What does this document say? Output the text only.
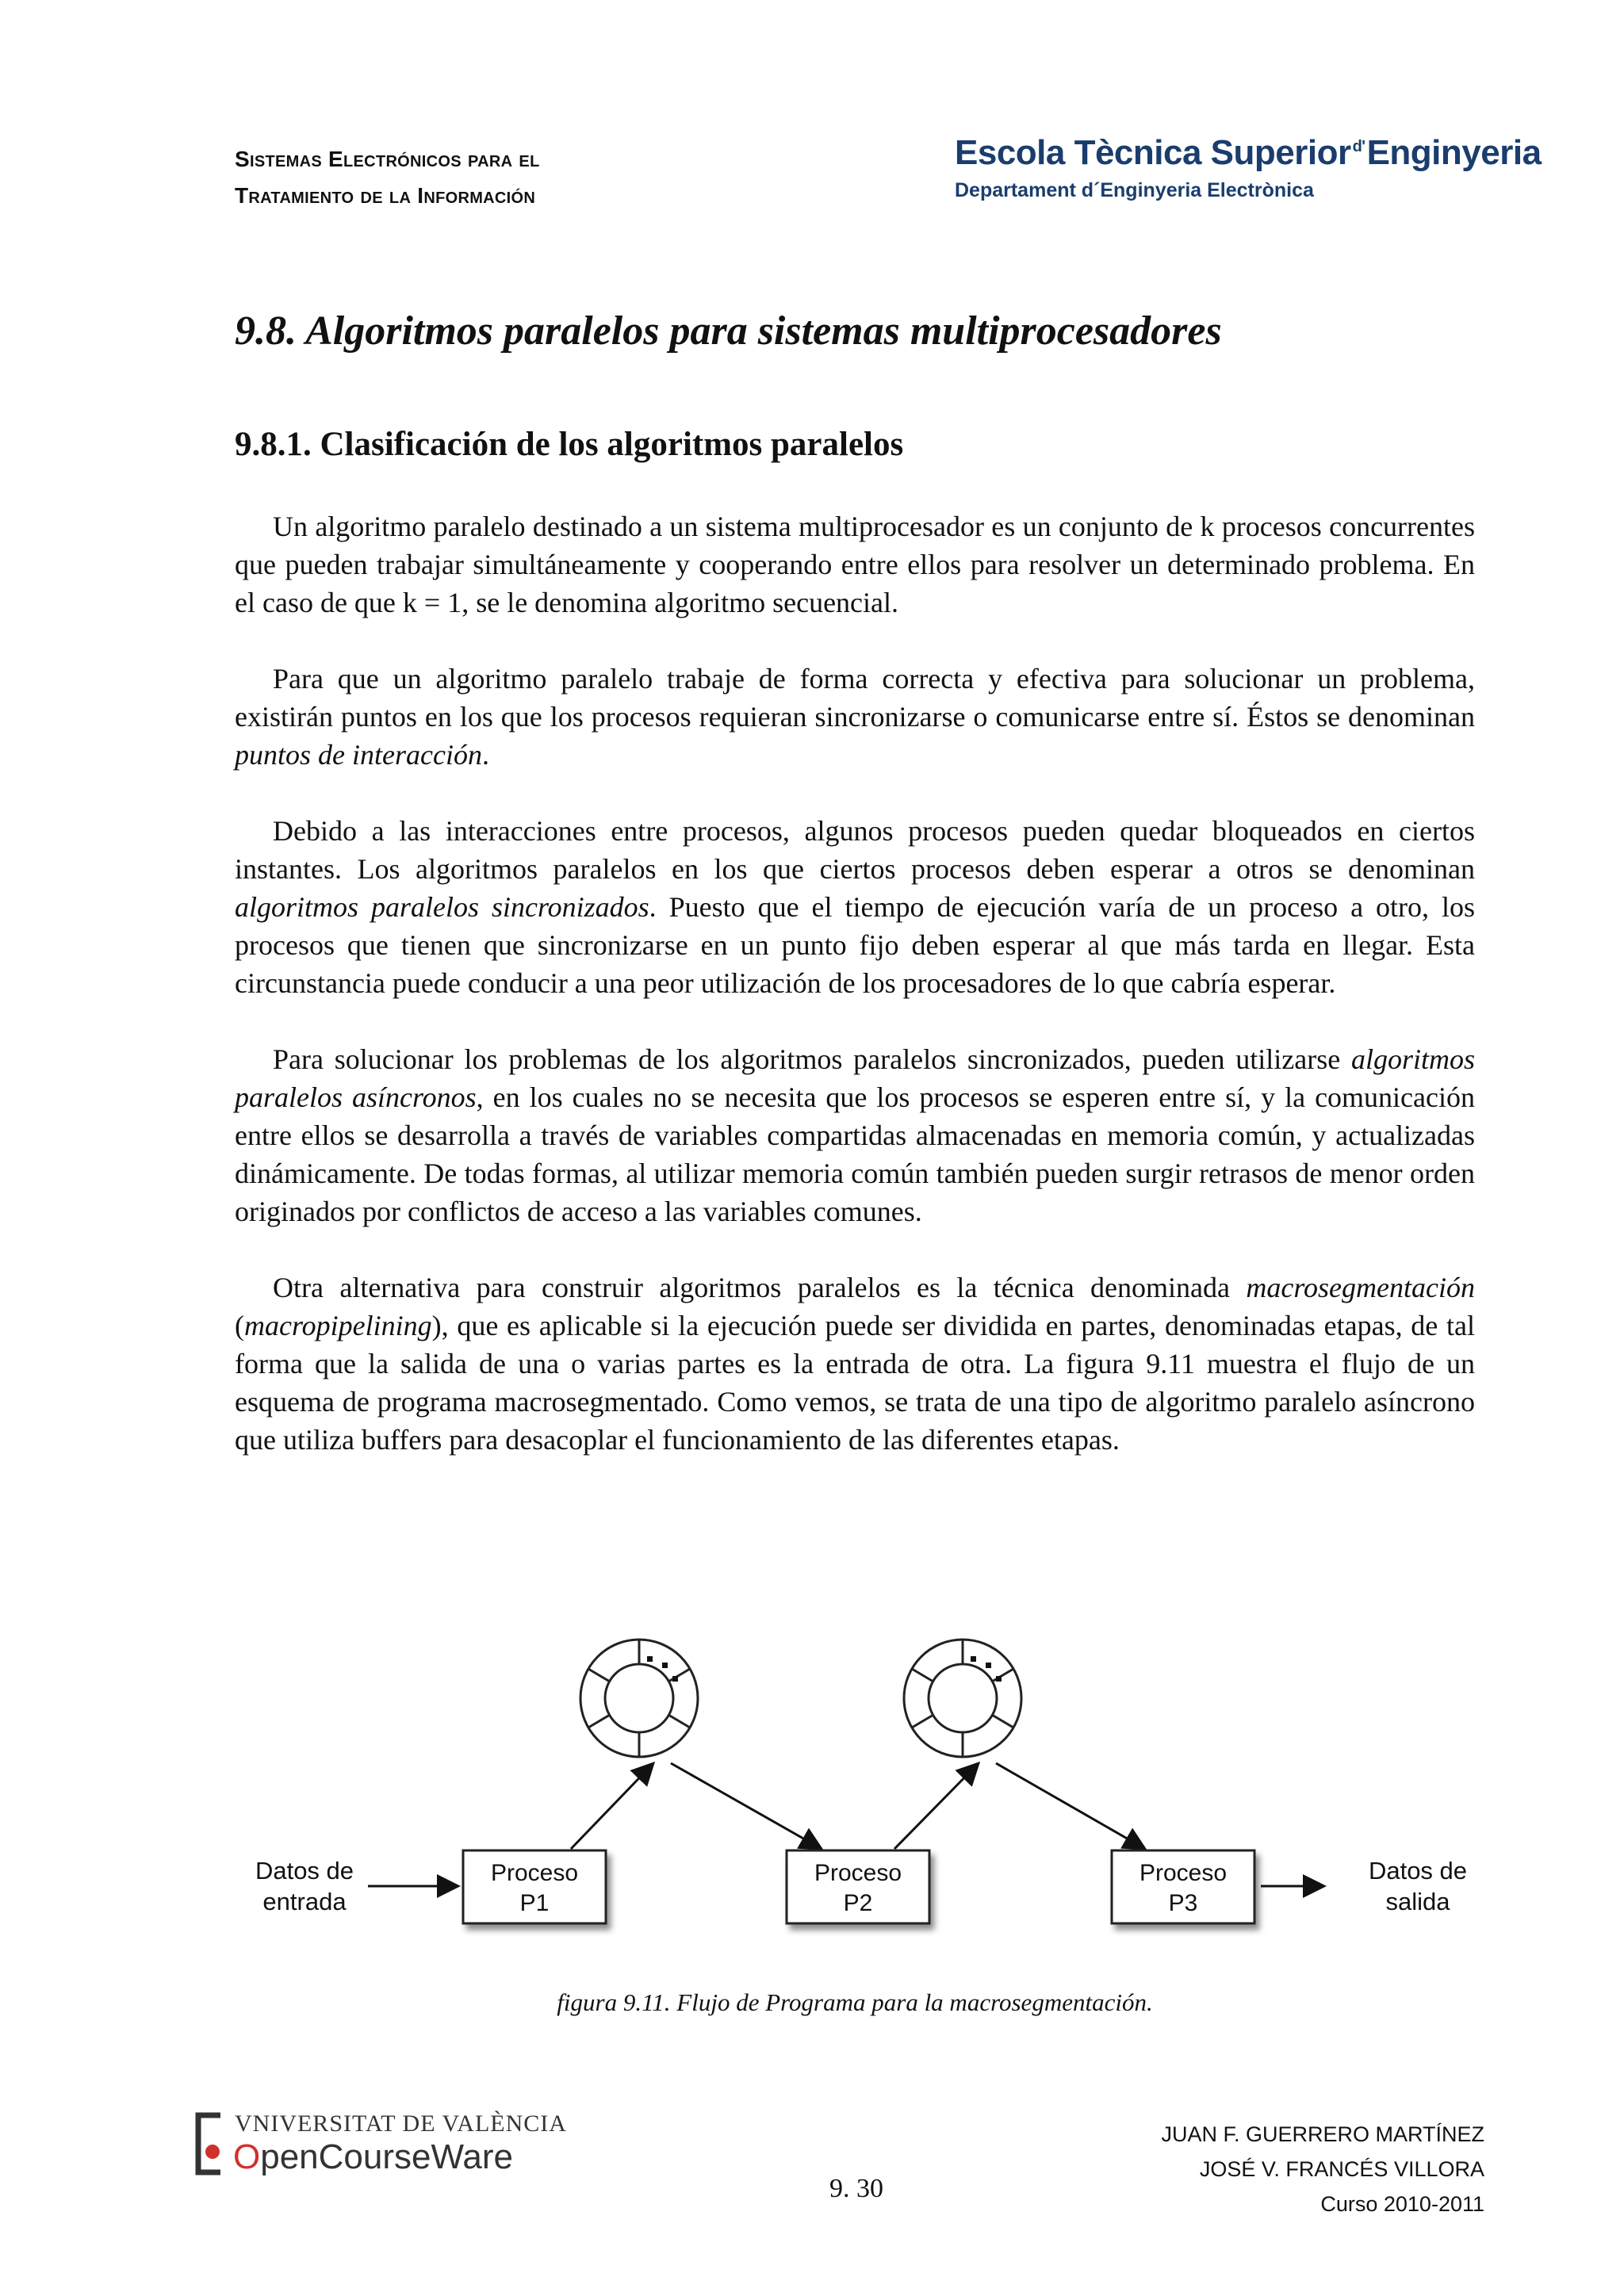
Sistemas Electrónicos para el
Tratamiento de la Información
Escola Tècnica Superior $^{d'}$Enginyeria
Departament d´Enginyeria Electrònica
9.8. Algoritmos paralelos para sistemas multiprocesadores
9.8.1. Clasificación de los algoritmos paralelos

Un algoritmo paralelo destinado a un sistema multiprocesador es un conjunto de k procesos concurrentes que pueden trabajar simultáneamente y cooperando entre ellos para resolver un determinado problema. En el caso de que k = 1, se le denomina algoritmo secuencial.

Para que un algoritmo paralelo trabaje de forma correcta y efectiva para solucionar un problema, existirán puntos en los que los procesos requieran sincronizarse o comunicarse entre sí. Éstos se denominan puntos de interacción.

Debido a las interacciones entre procesos, algunos procesos pueden quedar bloqueados en ciertos instantes. Los algoritmos paralelos en los que ciertos procesos deben esperar a otros se denominan algoritmos paralelos sincronizados. Puesto que el tiempo de ejecución varía de un proceso a otro, los procesos que tienen que sincronizarse en un punto fijo deben esperar al que más tarda en llegar. Esta circunstancia puede conducir a una peor utilización de los procesadores de lo que cabría esperar.

Para solucionar los problemas de los algoritmos paralelos sincronizados, pueden utilizarse algoritmos paralelos asíncronos, en los cuales no se necesita que los procesos se esperen entre sí, y la comunicación entre ellos se desarrolla a través de variables compartidas almacenadas en memoria común, y actualizadas dinámicamente. De todas formas, al utilizar memoria común también pueden surgir retrasos de menor orden originados por conflictos de acceso a las variables comunes.

Otra alternativa para construir algoritmos paralelos es la técnica denominada macrosegmentación (macropipelining), que es aplicable si la ejecución puede ser dividida en partes, denominadas etapas, de tal forma que la salida de una o varias partes es la entrada de otra. La figura 9.11 muestra el flujo de un esquema de programa macrosegmentado. Como vemos, se trata de una tipo de algoritmo paralelo asíncrono que utiliza buffers para desacoplar el funcionamiento de las diferentes etapas.

Proceso
P1
Proceso
P2
Proceso
P3
Datos de
entrada
Datos de
salida
figura 9.11. Flujo de Programa para la macrosegmentación.
VNIVERSITAT DE VALÈNCIA
OpenCourseWare
9. 30
JUAN F. GUERRERO MARTÍNEZ
JOSÉ V. FRANCÉS VILLORA
Curso 2010-2011
